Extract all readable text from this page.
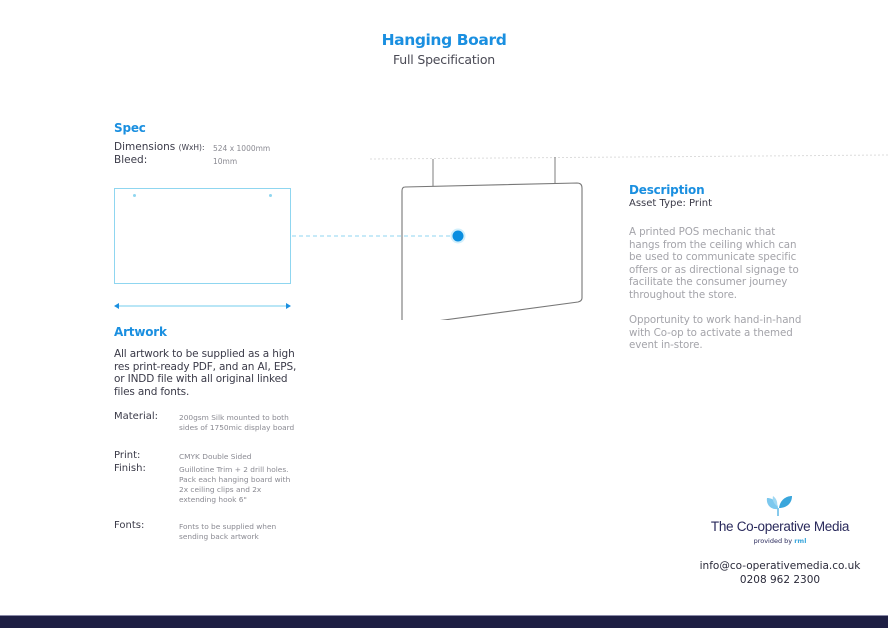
Hanging Board
Full Specification
Spec
Dimensions (WxH): 524 x 1000mm
Bleed:	10mm
Artwork
All artwork to be supplied as a high res print-ready PDF, and an AI, EPS, or INDD file with all original linked files and fonts.
Material:	200gsm Silk mounted to both sides of 1750mic display board
Print:	CMYK Double Sided
Finish:	Guillotine Trim + 2 drill holes. Pack each hanging board with 2x ceiling clips and 2x extending hook 6"
Fonts:	Fonts to be supplied when sending back artwork
Description
Asset Type: Print
A printed POS mechanic that hangs from the ceiling which can be used to communicate specific offers or as directional signage to facilitate the consumer journey throughout the store.
Opportunity to work hand-in-hand with Co-op to activate a themed event in-store.
The Co-operative Media
provided by rml
info@co-operativemedia.co.uk
0208 962 2300
